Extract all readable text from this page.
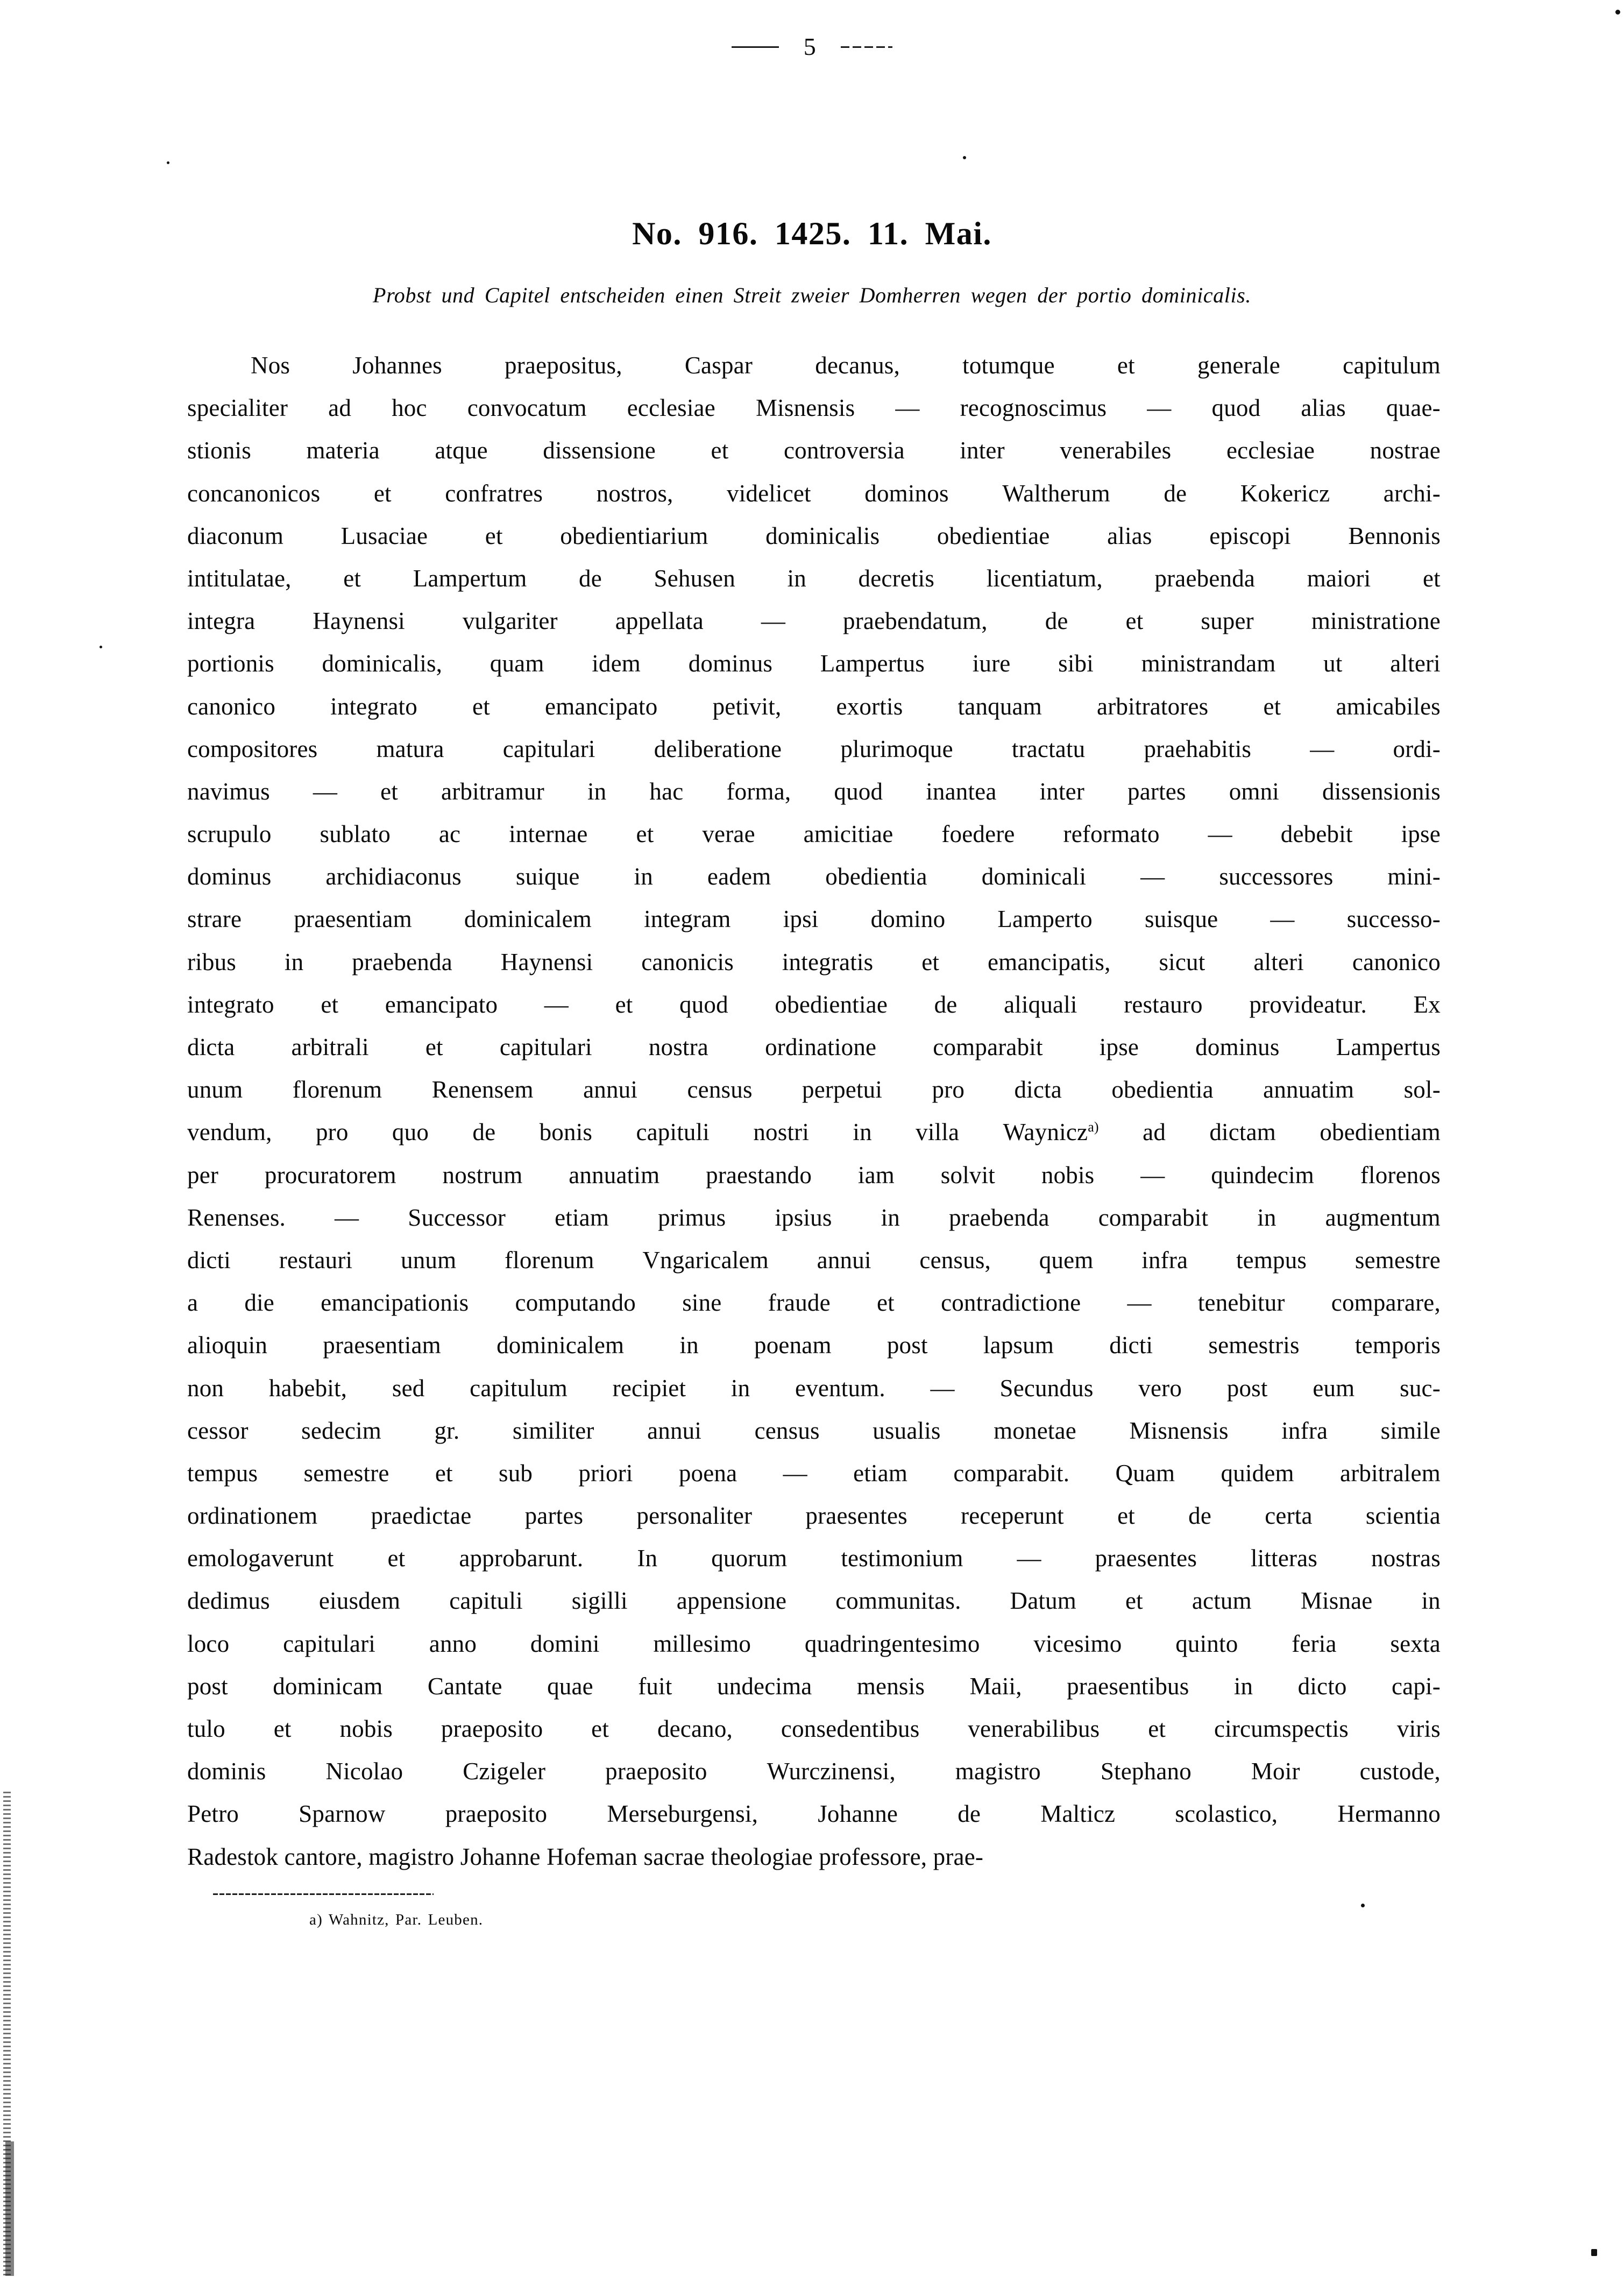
5
No. 916. 1425. 11. Mai.
Probst und Capitel entscheiden einen Streit zweier Domherren wegen der portio dominicalis.
Nos	Johannes	praepositus,	Caspar	decanus,	totumque	et	generale	capitulum
specialiter ad hoc convocatum ecclesiae Misnensis — recognoscimus — quod alias quae-
stionis materia atque dissensione et controversia inter venerabiles ecclesiae nostrae
concanonicos et confratres nostros, videlicet dominos Waltherum de Kokericz archi-
diaconum Lusaciae et obedientiarium dominicalis obedientiae alias episcopi Bennonis
intitulatae, et Lampertum de Sehusen in decretis licentiatum, praebenda maiori et
integra Haynensi vulgariter appellata — praebendatum, de et super ministratione
portionis dominicalis, quam idem dominus Lampertus iure sibi ministrandam ut alteri
canonico integrato et emancipato petivit, exortis tanquam arbitratores et amicabiles
compositores matura capitulari deliberatione plurimoque tractatu praehabitis — ordi-
navimus — et arbitramur in hac forma, quod inantea inter partes omni dissensionis
scrupulo sublato ac internae et verae amicitiae foedere reformato — debebit ipse
dominus archidiaconus suique in eadem obedientia dominicali — successores mini-
strare praesentiam dominicalem integram ipsi domino Lamperto suisque — successo-
ribus in praebenda Haynensi canonicis integratis et emancipatis, sicut alteri canonico
integrato et emancipato — et quod obedientiae de aliquali restauro provideatur. Ex
dicta arbitrali et capitulari nostra ordinatione comparabit ipse dominus Lampertus
unum florenum Renensem annui census perpetui pro dicta obedientia annuatim sol-
vendum, pro quo de bonis capituli nostri in villa Waynicz$^{a)}$ ad dictam obedientiam
per procuratorem nostrum annuatim praestando iam solvit nobis — quindecim florenos
Renenses. — Successor etiam primus ipsius in praebenda comparabit in augmentum
dicti restauri unum florenum Vngaricalem annui census, quem infra tempus semestre
a die emancipationis computando sine fraude et contradictione — tenebitur comparare,
alioquin praesentiam dominicalem in poenam post lapsum dicti semestris temporis
non habebit, sed capitulum recipiet in eventum. — Secundus vero post eum suc-
cessor sedecim gr. similiter annui census usualis monetae Misnensis infra simile
tempus semestre et sub priori poena — etiam comparabit. Quam quidem arbitralem
ordinationem praedictae partes personaliter praesentes receperunt et de certa scientia
emologaverunt et approbarunt. In quorum testimonium — praesentes litteras nostras
dedimus eiusdem capituli sigilli appensione communitas. Datum et actum Misnae in
loco capitulari anno domini millesimo quadringentesimo vicesimo quinto feria sexta
post dominicam Cantate quae fuit undecima mensis Maii, praesentibus in dicto capi-
tulo et nobis praeposito et decano, consedentibus venerabilibus et circumspectis viris
dominis Nicolao Czigeler praeposito Wurczinensi, magistro Stephano Moir custode,
Petro Sparnow praeposito Merseburgensi, Johanne de Malticz scolastico, Hermanno
Radestok cantore, magistro Johanne Hofeman sacrae theologiae professore, prae-
a) Wahnitz, Par. Leuben.
